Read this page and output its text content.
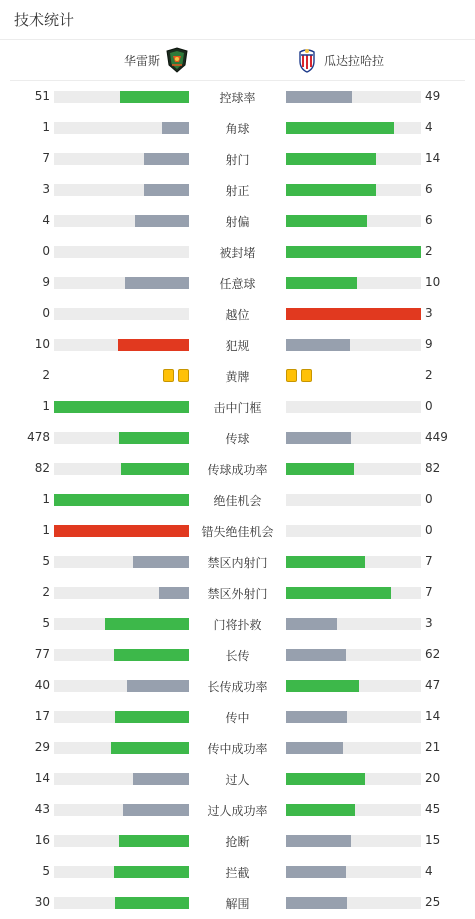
技术统计
华雷斯	瓜达拉哈拉
51	控球率	49
1	角球	4
7	射门	14
3	射正	6
4	射偏	6
0	被封堵	2
9	任意球	10
0	越位	3
10	犯规	9
2	黄牌	2
1	击中门框	0
478	传球	449
82	传球成功率	82
1	绝佳机会	0
1	错失绝佳机会	0
5	禁区内射门	7
2	禁区外射门	7
5	门将扑救	3
77	长传	62
40	长传成功率	47
17	传中	14
29	传中成功率	21
14	过人	20
43	过人成功率	45
16	抢断	15
5	拦截	4
30	解围	25
